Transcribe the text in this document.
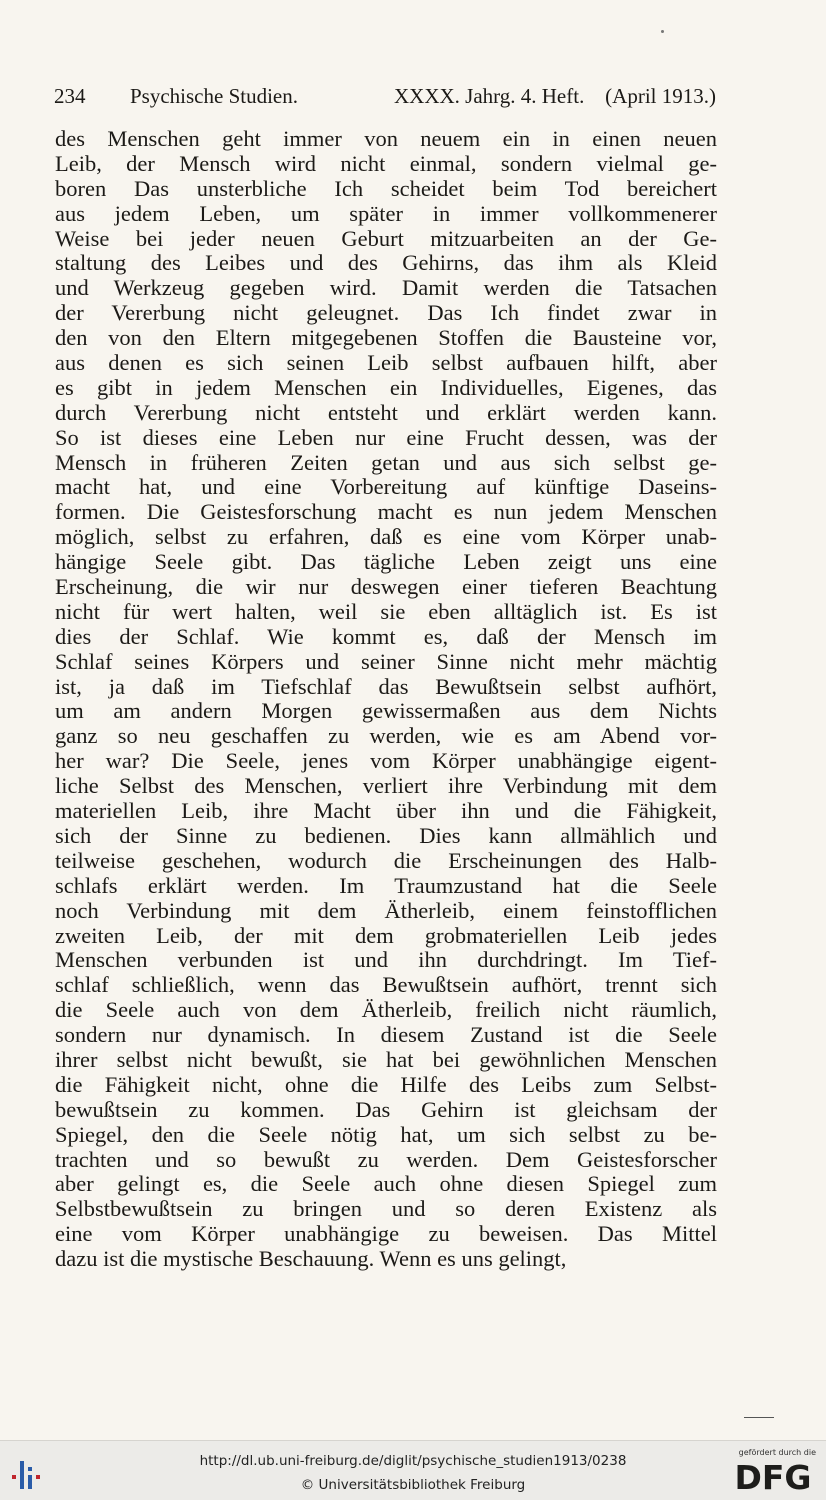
234 Psychische Studien.	XXXX. Jahrg. 4. Heft. (April 1913.)
des Menschen geht immer von neuem ein in einen neuen
Leib, der Mensch wird nicht einmal, sondern vielmal ge-
boren Das unsterbliche Ich scheidet beim Tod bereichert
aus jedem Leben, um später in immer vollkommenerer
Weise bei jeder neuen Geburt mitzuarbeiten an der Ge-
staltung des Leibes und des Gehirns, das ihm als Kleid
und Werkzeug gegeben wird. Damit werden die Tatsachen
der Vererbung nicht geleugnet. Das Ich findet zwar in
den von den Eltern mitgegebenen Stoffen die Bausteine vor,
aus denen es sich seinen Leib selbst aufbauen hilft, aber
es gibt in jedem Menschen ein Individuelles, Eigenes, das
durch Vererbung nicht entsteht und erklärt werden kann.
So ist dieses eine Leben nur eine Frucht dessen, was der
Mensch in früheren Zeiten getan und aus sich selbst ge-
macht hat, und eine Vorbereitung auf künftige Daseins-
formen. Die Geistesforschung macht es nun jedem Menschen
möglich, selbst zu erfahren, daß es eine vom Körper unab-
hängige Seele gibt. Das tägliche Leben zeigt uns eine
Erscheinung, die wir nur deswegen einer tieferen Beachtung
nicht für wert halten, weil sie eben alltäglich ist. Es ist
dies der Schlaf. Wie kommt es, daß der Mensch im
Schlaf seines Körpers und seiner Sinne nicht mehr mächtig
ist, ja daß im Tiefschlaf das Bewußtsein selbst aufhört,
um am andern Morgen gewissermaßen aus dem Nichts
ganz so neu geschaffen zu werden, wie es am Abend vor-
her war? Die Seele, jenes vom Körper unabhängige eigent-
liche Selbst des Menschen, verliert ihre Verbindung mit dem
materiellen Leib, ihre Macht über ihn und die Fähigkeit,
sich der Sinne zu bedienen. Dies kann allmählich und
teilweise geschehen, wodurch die Erscheinungen des Halb-
schlafs erklärt werden. Im Traumzustand hat die Seele
noch Verbindung mit dem Ätherleib, einem feinstofflichen
zweiten Leib, der mit dem grobmateriellen Leib jedes
Menschen verbunden ist und ihn durchdringt. Im Tief-
schlaf schließlich, wenn das Bewußtsein aufhört, trennt sich
die Seele auch von dem Ätherleib, freilich nicht räumlich,
sondern nur dynamisch. In diesem Zustand ist die Seele
ihrer selbst nicht bewußt, sie hat bei gewöhnlichen Menschen
die Fähigkeit nicht, ohne die Hilfe des Leibs zum Selbst-
bewußtsein zu kommen. Das Gehirn ist gleichsam der
Spiegel, den die Seele nötig hat, um sich selbst zu be-
trachten und so bewußt zu werden. Dem Geistesforscher
aber gelingt es, die Seele auch ohne diesen Spiegel zum
Selbstbewußtsein zu bringen und so deren Existenz als
eine vom Körper unabhängige zu beweisen. Das Mittel
dazu ist die mystische Beschauung. Wenn es uns gelingt,
http://dl.ub.uni-freiburg.de/diglit/psychische_studien1913/0238
© Universitätsbibliothek Freiburg
gefördert durch die
DFG
